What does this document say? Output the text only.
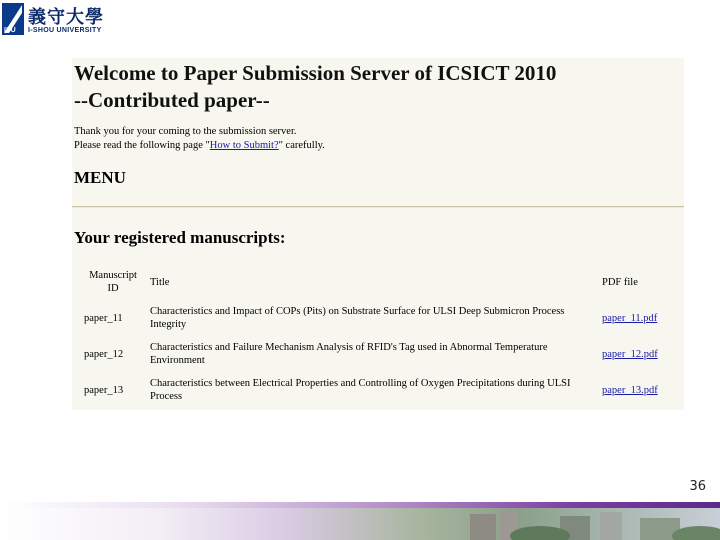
ISU
義守大學
I-SHOU UNIVERSITY
Welcome to Paper Submission Server of ICSICT 2010
--Contributed paper--
Thank you for your coming to the submission server.
Please read the following page "How to Submit?" carefully.
MENU
Your registered manuscripts:
Manuscript ID	Title	PDF file
paper_11	Characteristics and Impact of COPs (Pits) on Substrate Surface for ULSI Deep Submicron Process Integrity	paper_11.pdf
paper_12	Characteristics and Failure Mechanism Analysis of RFID's Tag used in Abnormal Temperature Environment	paper_12.pdf
paper_13	Characteristics between Electrical Properties and Controlling of Oxygen Precipitations during ULSI Process	paper_13.pdf
36
